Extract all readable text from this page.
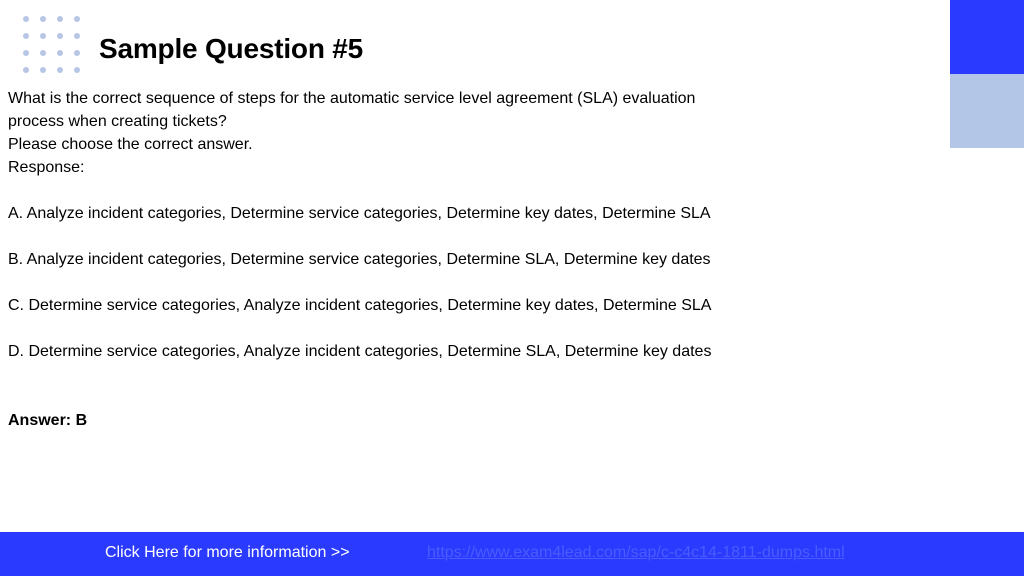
Sample Question #5

What is the correct sequence of steps for the automatic service level agreement (SLA) evaluation

process when creating tickets?

Please choose the correct answer.

Response:

A. Analyze incident categories, Determine service categories, Determine key dates, Determine SLA

B. Analyze incident categories, Determine service categories, Determine SLA, Determine key dates

C. Determine service categories, Analyze incident categories, Determine key dates, Determine SLA

D. Determine service categories, Analyze incident categories, Determine SLA, Determine key dates

Answer: B

Click Here for more information >>	https://www.exam4lead.com/sap/c-c4c14-1811-dumps.html
